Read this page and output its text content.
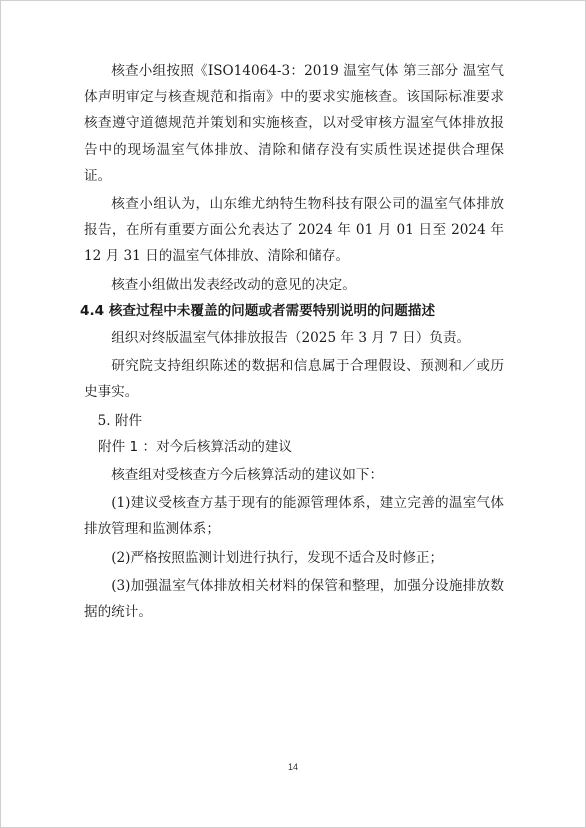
核查小组按照《ISO14064-3：2019 温室气体 第三部分 温室气体声明审定与核查规范和指南》中的要求实施核查。该国际标准要求核查遵守道德规范并策划和实施核查，以对受审核方温室气体排放报告中的现场温室气体排放、清除和储存没有实质性误述提供合理保证。

核查小组认为，山东维尤纳特生物科技有限公司的温室气体排放报告，在所有重要方面公允表达了 2024 年 01 月 01 日至 2024 年 12 月 31 日的温室气体排放、清除和储存。

核查小组做出发表经改动的意见的决定。

4.4 核查过程中未覆盖的问题或者需要特别说明的问题描述

组织对终版温室气体排放报告（2025 年 3 月 7 日）负责。

研究院支持组织陈述的数据和信息属于合理假设、预测和／或历史事实。

5. 附件

附件 1 ：对今后核算活动的建议

核查组对受核查方今后核算活动的建议如下：

(1)建议受核查方基于现有的能源管理体系，建立完善的温室气体排放管理和监测体系；

(2)严格按照监测计划进行执行，发现不适合及时修正；

(3)加强温室气体排放相关材料的保管和整理，加强分设施排放数据的统计。

14
